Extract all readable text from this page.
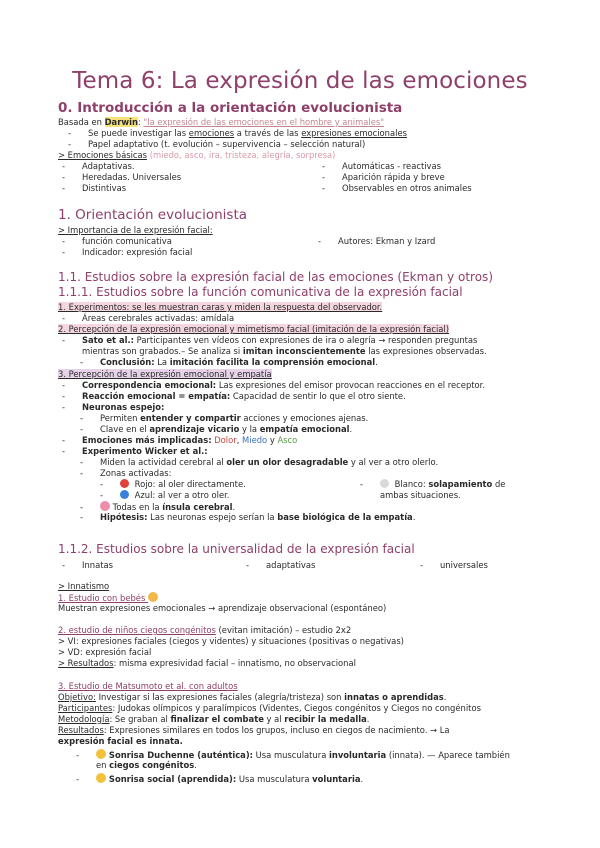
Tema 6: La expresión de las emociones
0. Introducción a la orientación evolucionista
Basada en Darwin: "la expresión de las emociones en el hombre y animales"
- Se puede investigar las emociones a través de las expresiones emocionales
- Papel adaptativo (t. evolución – supervivencia – selección natural)
> Emociones básicas (miedo, asco, ira, tristeza, alegría, sorpresa)
- Adaptativas.
- Heredadas. Universales
- Distintivas
- Automáticas - reactivas
- Aparición rápida y breve
- Observables en otros animales
1. Orientación evolucionista
> Importancia de la expresión facial:
- función comunicativa	- Autores: Ekman y Izard
- Indicador: expresión facial
1.1. Estudios sobre la expresión facial de las emociones (Ekman y otros)
1.1.1. Estudios sobre la función comunicativa de la expresión facial
1. Experimentos: se les muestran caras y miden la respuesta del observador.
- Áreas cerebrales activadas: amídala
2. Percepción de la expresión emocional y mimetismo facial (imitación de la expresión facial)
- Sato et al.: Participantes ven vídeos con expresiones de ira o alegría → responden preguntas
mientras son grabados.– Se analiza si imitan inconscientemente las expresiones observadas.
- Conclusión: La imitación facilita la comprensión emocional.
3. Percepción de la expresión emocional y empatía
- Correspondencia emocional: Las expresiones del emisor provocan reacciones en el receptor.
- Reacción emocional = empatía: Capacidad de sentir lo que el otro siente.
- Neuronas espejo:
- Permiten entender y compartir acciones y emociones ajenas.
- Clave en el aprendizaje vicario y la empatía emocional.
- Emociones más implicadas: Dolor, Miedo y Asco
- Experimento Wicker et al.:
- Miden la actividad cerebral al oler un olor desagradable y al ver a otro olerlo.
- Zonas activadas:
-	Rojo: al oler directamente.
-	Azul: al ver a otro oler.
-	Blanco: solapamiento de
ambas situaciones.
-	Todas en la ínsula cerebral.
- Hipótesis: Las neuronas espejo serían la base biológica de la empatía.
1.1.2. Estudios sobre la universalidad de la expresión facial
- Innatas	- adaptativas	- universales
> Innatismo
1. Estudio con bebés
Muestran expresiones emocionales → aprendizaje observacional (espontáneo)
2. estudio de niños ciegos congénitos (evitan imitación) – estudio 2x2
> VI: expresiones faciales (ciegos y videntes) y situaciones (positivas o negativas)
> VD: expresión facial
> Resultados: misma expresividad facial – innatismo, no observacional
3. Estudio de Matsumoto et al. con adultos
Objetivo: Investigar si las expresiones faciales (alegría/tristeza) son innatas o aprendidas.
Participantes: Judokas olímpicos y paralímpicos (Videntes, Ciegos congénitos y Ciegos no congénitos
Metodología: Se graban al finalizar el combate y al recibir la medalla.
Resultados: Expresiones similares en todos los grupos, incluso en ciegos de nacimiento. → La
expresión facial es innata.
-	Sonrisa Duchenne (auténtica): Usa musculatura involuntaria (innata). — Aparece también
en ciegos congénitos.
-	Sonrisa social (aprendida): Usa musculatura voluntaria.
